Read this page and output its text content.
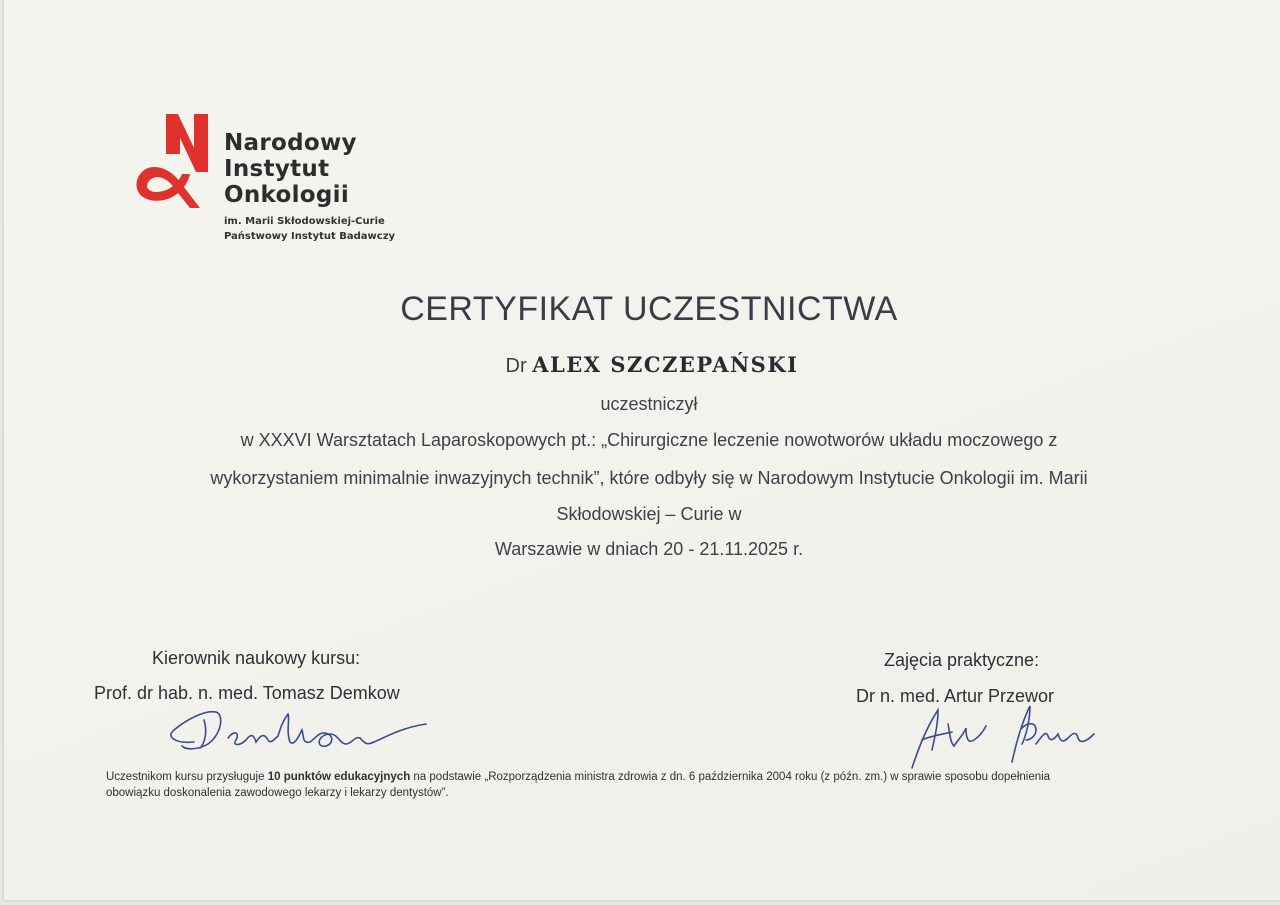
Narodowy
Instytut
Onkologii
im. Marii Skłodowskiej-Curie
Państwowy Instytut Badawczy
CERTYFIKAT UCZESTNICTWA
Dr ALEX SZCZEPAŃSKI
uczestniczył
w XXXVI Warsztatach Laparoskopowych pt.: „Chirurgiczne leczenie nowotworów układu moczowego z
wykorzystaniem minimalnie inwazyjnych technik”, które odbyły się w Narodowym Instytucie Onkologii im. Marii
Skłodowskiej – Curie w
Warszawie w dniach 20 - 21.11.2025 r.
Kierownik naukowy kursu:
Prof. dr hab. n. med. Tomasz Demkow
Zajęcia praktyczne:
Dr n. med. Artur Przewor
Uczestnikom kursu przysługuje 10 punktów edukacyjnych na podstawie „Rozporządzenia ministra zdrowia z dn. 6 października 2004 roku (z późn. zm.) w sprawie sposobu dopełnienia
obowiązku doskonalenia zawodowego lekarzy i lekarzy dentystów”.
